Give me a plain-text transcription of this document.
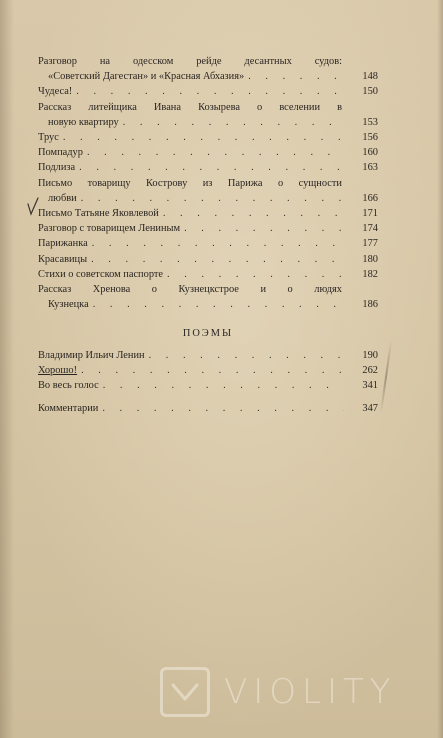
Разговор на одесском рейде десантных судов:
«Советский Дагестан» и «Красная Абхазия» . . .	148
Чудеса! . . .	150
Рассказ литейщика Ивана Козырева о вселении в
новую квартиру . . .	153
Трус . . .	156
Помпадур . . .	160
Подлиза . . .	163
Письмо товарищу Кострову из Парижа о сущности
любви . . .	166
Письмо Татьяне Яковлевой . . .	171
Разговор с товарищем Лениным . . .	174
Парижанка . . .	177
Красавицы . . .	180
Стихи о советском паспорте . . .	182
Рассказ Хренова о Кузнецкстрое и о людях
Кузнецка . . .	186
ПОЭМЫ
Владимир Ильич Ленин . . .	190
Хорошо! . . .	262
Во весь голос . . .	341
Комментарии . . .	347
VIOLITY
